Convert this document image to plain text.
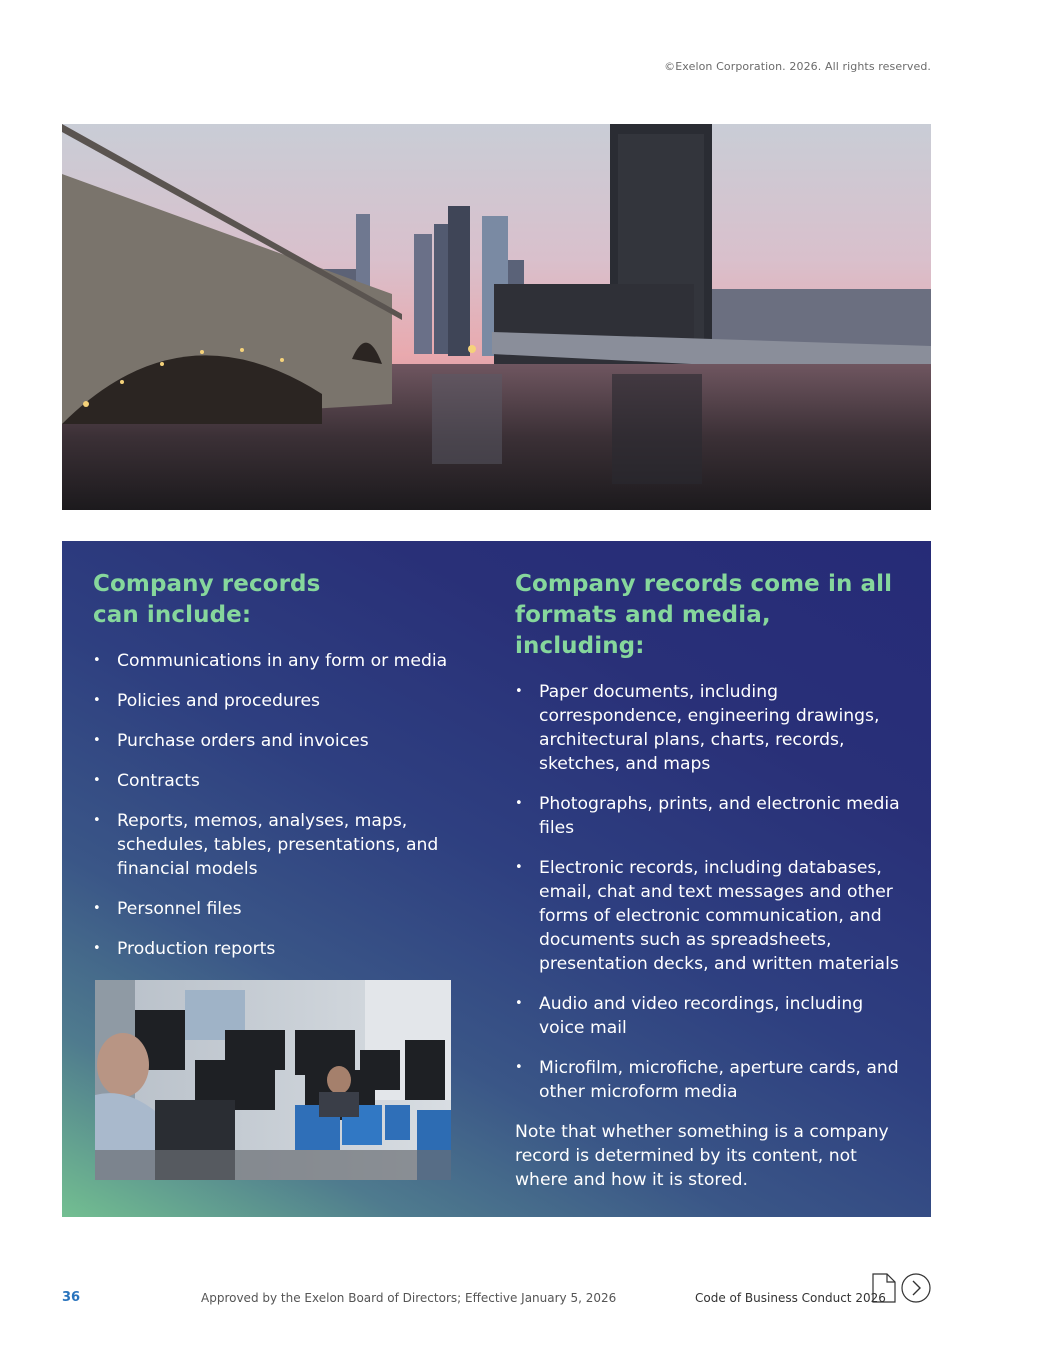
©Exelon Corporation. 2026. All rights reserved.
Company records
can include:
• Communications in any form or media
• Policies and procedures
• Purchase orders and invoices
• Contracts
• Reports, memos, analyses, maps, schedules, tables, presentations, and financial models
• Personnel files
• Production reports
Company records come in all
formats and media, including:
• Paper documents, including correspondence, engineering drawings, architectural plans, charts, records, sketches, and maps
• Photographs, prints, and electronic media files
• Electronic records, including databases, email, chat and text messages and other forms of electronic communication, and documents such as spreadsheets, presentation decks, and written materials
• Audio and video recordings, including voice mail
• Microfilm, microfiche, aperture cards, and other microform media

Note that whether something is a company record is determined by its content, not where and how it is stored.

36	Approved by the Exelon Board of Directors; Effective January 5, 2026	Code of Business Conduct 2026
